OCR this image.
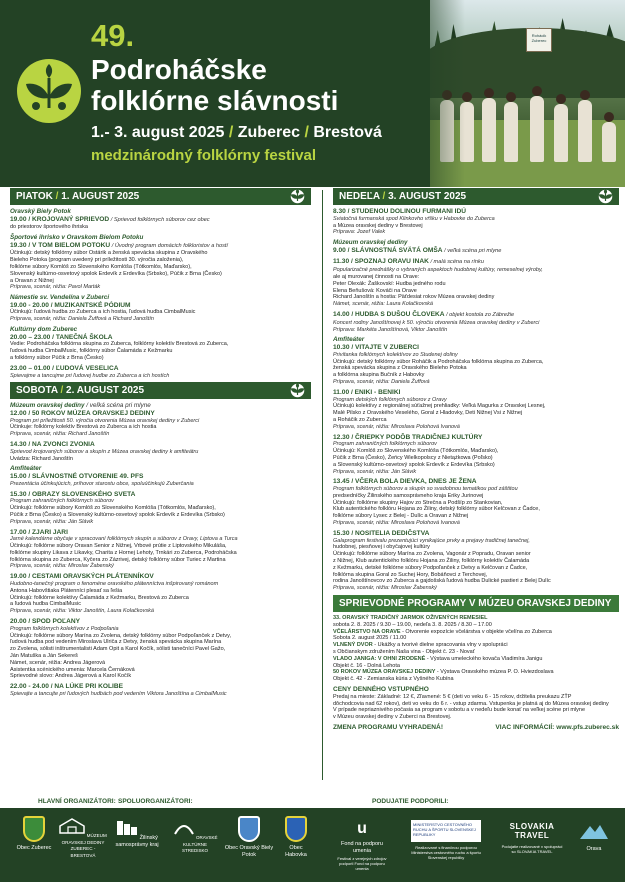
Rohácik Zuberec
49.
Podroháčske
folklórne slávnosti
1.- 3. august 2025 / Zuberec / Brestová
medzinárodný folklórny festival
PIATOK / 1. AUGUST 2025
Oravský Biely Potok
19.00 / KROJOVANÝ SPRIEVOD / Sprievod folklórnych súborov cez obec
do priestorov športového ihriska
Športové ihrisko v Oravskom Bielom Potoku
19.30 / V TOM BIELOM POTOKU / Úvodný program domácich folkloristov a hostí
Účinkujú: detský folklórny súbor Ostárik a ženská spevácka skupina z Oravského
Bieleho Potoka (program uvedený pri príležitosti 30. výročia založenia),
folklórne súbory Komlóš zo Slovenského Komlóša (Tótkomlós, Maďarsko),
Slovenský kultúrno-osvetový spolok Erdevík z Erdevíka (Srbsko), Púčik z Brna (Česko)
a Oravan z Nižnej
Príprava, scenár, réžia: Pavol Marták
Námestie sv. Vendelína v Zuberci
19.00 - 20.00 / MUZIKANTSKÉ PÓDIUM
Účinkujú: ľudová hudba zo Zuberca a ich hostia, ľudová hudba CimbalMusic
Príprava, scenár, réžia: Daniela Žuffová a Richard Janoštín
Kultúrny dom Zuberec
20.00 – 23.00 / TANEČNÁ ŠKOLA
Vedie: Podroháčska folklórna skupina zo Zuberca, folklórny kolektív Brestová zo Zuberca,
ľudová hudba CimbalMusic, folklórny súbor Čalamáda z Kežmarku
a folklórny súbor Púčik z Brna (Česko)
23.00 – 01.00 / ĽUDOVÁ VESELICA
Spievajme a tancujme pri ľudovej hudbe zo Zuberca a ich hostích
SOBOTA / 2. AUGUST 2025
Múzeum oravskej dediny / veľká scéna pri mlyne
12.00 / 50 ROKOV MÚZEA ORAVSKEJ DEDINY
Program pri príležitosti 50. výročia otvorenia Múzea oravskej dediny v Zuberci
Účinkuje: folklórny kolektív Brestová zo Zuberca a ich hostia
Príprava, scenár, réžia: Richard Janoštín
14.30 / NA ZVONCI ZVONIA
Sprievod krojovaných súborov a skupín z Múzea oravskej dediny k amfiteátru
Uvádza: Richard Janoštín
Amfiteáter
15.00 / SLÁVNOSTNÉ OTVORENIE 49. PFS
Prezentácia účinkujúcich, príhovor starostu obce, spoluúčinkujú Zuberčania
15.30 / OBRAZY SLOVENSKÉHO SVETA
Program zahraničných folklórnych súborov
Účinkujú: folklórne súbory Komlóš zo Slovenského Komlóša (Tótkomlós, Maďarsko),
Púčik z Brna (Česko) a Slovenský kultúrno-osvetový spolok Erdevík z Erdevíka (Srbsko)
Príprava, scenár, réžia: Ján Slávik
17.00 / ZJARI JARI
Jarné kalendárne obyčaje v spracovaní folklórnych skupín a súborov z Oravy, Liptova a Turca
Účinkujú: folklórne súbory Oravan Senior z Nižnej, Vrbové prútie z Liptovského Mikuláša,
folklórne skupiny Likava z Likavky, Charita z Hornej Lehoty, Trnkári zo Zuberca, Podroháčska
folklórna skupina zo Zuberca, Kyčera zo Zázrivej, detský folklórny súbor Turiec z Martina
Príprava, scenár, réžia: Miroslav Žabenský
19.00 / CESTAMI ORAVSKÝCH PLÁTENNÍKOV
Hudobno-tanečný program o fenoméne oravského plátenníctva inšpirovaný románom
Antona Habovštiaka Plátenníci plesať sa ľešia
Účinkujú: folklórne kolektívy Čalamáda z Kežmarku, Brestová zo Zuberca
a ľudová hudba CimbalMusic
Príprava, scenár, réžia: Viktor Janoštín, Laura Kolačkovská
20.00 / SPOD POĽANY
Program folklórnych kolektívov z Podpoľania
Účinkujú: folklórne súbory Marína zo Zvolena, detský folklórny súbor Podpoľanček z Detvy,
ľudová hudba pod vedením Miroslava Ulriča z Detvy, ženská spevácka skupina Marína
zo Zvolena, sólisti inštrumentalisti Adam Opit a Karol Kočík, sólisti tanečníci Pavel Gažo,
Ján Matuška a Ján Sekereš
Námet, scenár, réžia: Andrea Jágerová
Asistentka scénického umenia: Marcela Černáková
Sprievodné slovo: Andrea Jágerová a Karol Kočík
22.00 - 24.00 / NA LÚKE PRI KOLIBE
Spievajte a tancujte pri ľudových hudbách pod vedením Viktora Janoštína a CimbalMusic
NEDEĽA / 3. AUGUST 2025
8.30 / STUDENOU DOLINOU FURMANI IDÚ
Sviatočná furmanská spod Klinkovho vŕšku v Habovke do Zuberca
a Múzea oravskej dediny v Brestovej
Príprava: Jozef Valek
Múzeum oravskej dediny
9.00 / SLÁVNOSTNÁ SVÄTÁ OMŠA / veľká scéna pri mlyne
11.30 / SPOZNAJ ORAVU INAK / malá scéna na rínku
Popularizačné prednášky o vybraných aspektoch hudobnej kultúry, remeselnej výroby,
ale aj murovanej činnosti na Orave:
Peter Olexák: Žaškovskí: Hudba jedného rodu
Elena Beňušová: Kováči na Orave
Richard Janoštín a hostia: Päťdesiat rokov Múzea oravskej dediny
Námet, scenár, réžia: Laura Kolačkovská
14.00 / HUDBA S DUŠOU ČLOVEKA / objekt kostola zo Zábrežie
Koncert rodiny Janoštínovej k 50. výročiu otvorenia Múzea oravskej dediny v Zuberci
Príprava: Markéta Janoštínová, Viktor Janoštín
Amfiteáter
10.30 / VITAJTE V ZUBERCI
Privítanka folklórnych kolektívov zo Studenej doliny
Účinkujú: detský folklórny súbor Roháčik a Podroháčska folklórna skupina zo Zuberca,
ženská spevácka skupina z Oravského Bieleho Potoka
a folklórna skupina Bučník z Habovky
Príprava, scenár, réžia: Daniela Žuffová
11.00 / ENIKI - BENIKI
Program detských folklórnych súborov z Oravy
Účinkujú kolektívy z regionálnej súťažnej prehliadky: Veľká Magurka z Oravskej Lesnej,
Malé Pilsko z Oravského Veselého, Goral z Hladovky, Deti Nižnej Vsi z Nižnej
a Roháčik zo Zuberca
Príprava, scenár, réžia: Miroslava Polohová Ivanová
12.30 / ČRIEPKY PODÔB TRADIČNEJ KULTÚRY
Program zahraničných folklórnych súborov
Účinkujú: Komlóš zo Slovenského Komlóša (Tótkomlós, Maďarsko),
Púčik z Brna (Česko), Żeńcy Wielkopolscy z Nietążkowa (Poľsko)
a Slovenský kultúrno-osvetový spolok Erdevík z Erdevíka (Srbsko)
Príprava, scenár, réžia: Ján Slávik
13.45 / VČERA BOLA DIEVKA, DNES JE ŽENA
Program folklórnych súborov a skupín so svadobnou tematikou pod záštitou
predsedníčky Žilinského samosprávneho kraja Eriky Jurinovej
Účinkujú: folklórne skupiny Hajov zo Strečna a Podšíp zo Stankovian,
Klub autentického folklóru Hojana zo Žiliny, detský folklórny súbor Kelčovan z Čadce,
folklórne súbory Lysec z Belej - Dulíc a Oravan z Nižnej
Príprava, scenár, réžia: Miroslava Polohová Ivanová
15.30 / NOSITELIA DEDIČSTVA
Galaprogram festivalu prezentujúci vynikajúce prvky a prejavy tradičnej tanečnej,
hudobnej, piesňovej i obyčajovej kultúry
Účinkujú: folklórne súbory Marína zo Zvolena, Vagonár z Popradu, Oravan senior
z Nižnej, Klub autentického folklóru Hojana zo Žiliny, folklórny kolektív Čalamáda
z Kežmarku, detské folklórne súbory Podpoľanček z Detvy a Kelčovan z Čadce,
folklórna skupina Goral zo Suchej Hory, Bobáňovci z Terchovej,
rodina Janoštínovcov zo Zuberca a gajdošská ľudová hudba Dulické pastieri z Belej Dulíc
Príprava, scenár, réžia: Miroslav Žabenský
SPRIEVODNÉ PROGRAMY V MÚZEU ORAVSKEJ DEDINY
33. ORAVSKÝ TRADIČNÝ JARMOK OŽIVENÝCH REMESIEL
sobota 2. 8. 2025 / 9.30 – 19.00, nedeľa 3. 8. 2025 / 8.30 – 17.00
VČELÁRSTVO NA ORAVE - Otvorenie expozície včelárstva v objekte včelína zo Zuberca
Sobota 2. august 2025 / 11.00
VLNENÝ DVOR - Ukážky a tvorivé dielne spracovania vlny v spolupráci
s Občianskym združením Naša vina - Objekt č. 23 - Novať
VLADO JANIGA: V OHNI ZRODENÉ - Výstava umeleckého kovača Vladimíra Janigu
Objekt č. 16 - Dolná Lehota
50 ROKOV MÚZEA ORAVSKEJ DEDINY - Výstava Oravského múzea P. O. Hviezdoslava
Objekt č. 42 - Zemianska kúria z Vyšného Kubína
CENY DENNÉHO VSTUPNÉHO
Predaj na mieste: Základné: 12 €, Zľavnené: 5 € (deti vo veku 6 - 15 rokov, držitelia preukazu ZŤP
dôchodcovia nad 62 rokov), deti vo veku do 6 r. - vstup zdarma. Vstupenka je platná aj do Múzea oravskej dediny
V prípade nepriaznivého počasia sa program v sobotu a v nedeľu bude konať na veľkej scéne pri mlyne
v Múzeu oravskej dediny v Zuberci na Brestovej.
ZMENA PROGRAMU VYHRADENÁ!	VIAC INFORMÁCIÍ: www.pfs.zuberec.sk
HLAVNÍ ORGANIZÁTORI: SPOLUORGANIZÁTORI:	PODUJATIE PODPORILI:
Obec Zuberec
MÚZEUM ORAVSKEJ DEDINY ZUBEREC - BRESTOVÁ
Žilinský samosprávny kraj
ORAVSKÉ KULTÚRNE STREDISKO	Obec Oravský Biely Potok
Obec Habovka
u
Fond na podporu umenia
Festival z verejných zdrojov podporil Fond na podporu umenia
MINISTERSTVO CESTOVNÉHO RUCHU A ŠPORTU SLOVENSKEJ REPUBLIKY
Realizované s finančnou podporou Ministerstva cestovného ruchu a športu Slovenskej republiky
SLOVAKIA TRAVEL
Podujatie realizované v spolupráci so SLOVAKIA TRAVEL	Orava
